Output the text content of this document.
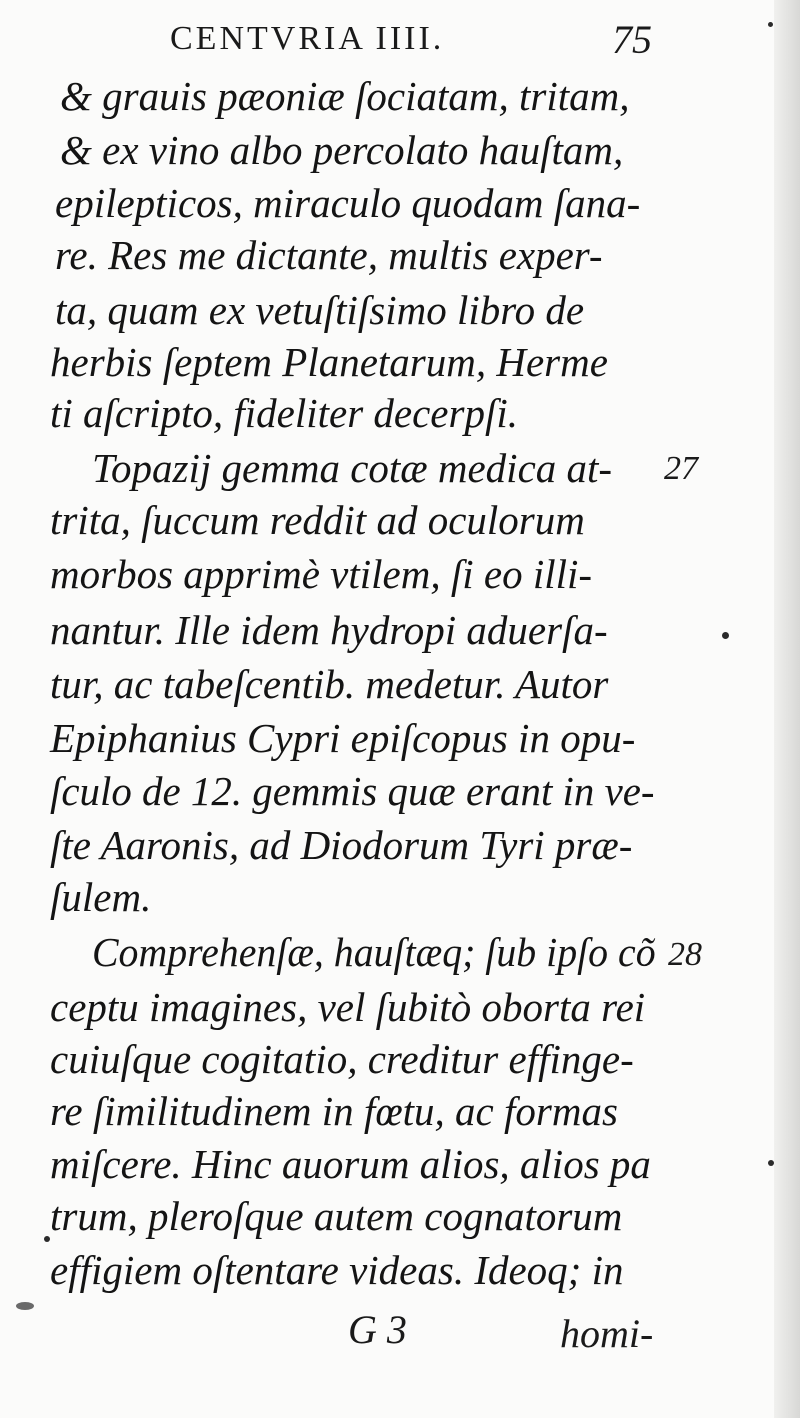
CENTVRIA IIII.	75
& grauis pæoniæ ſociatam, tritam,
& ex vino albo percolato hauſtam,
epilepticos, miraculo quodam ſana-
re. Res me dictante, multis exper-
ta, quam ex vetuſtiſsimo libro de
herbis ſeptem Planetarum, Herme
ti aſcripto, fideliter decerpſi.
Topazij gemma cotæ medica at-
trita, ſuccum reddit ad oculorum
morbos apprimè vtilem, ſi eo illi-
nantur. Ille idem hydropi aduerſa-
tur, ac tabeſcentib. medetur. Autor
Epiphanius Cypri epiſcopus in opu-
ſculo de 12. gemmis quæ erant in ve-
ſte Aaronis, ad Diodorum Tyri præ-
ſulem.
Comprehenſæ, hauſtæq; ſub ipſo cõ
ceptu imagines, vel ſubitò oborta rei
cuiuſque cogitatio, creditur effinge-
re ſimilitudinem in fœtu, ac formas
miſcere. Hinc auorum alios, alios pa
trum, pleroſque autem cognatorum
effigiem oſtentare videas. Ideoq; in
27
28
G 3	homi-
